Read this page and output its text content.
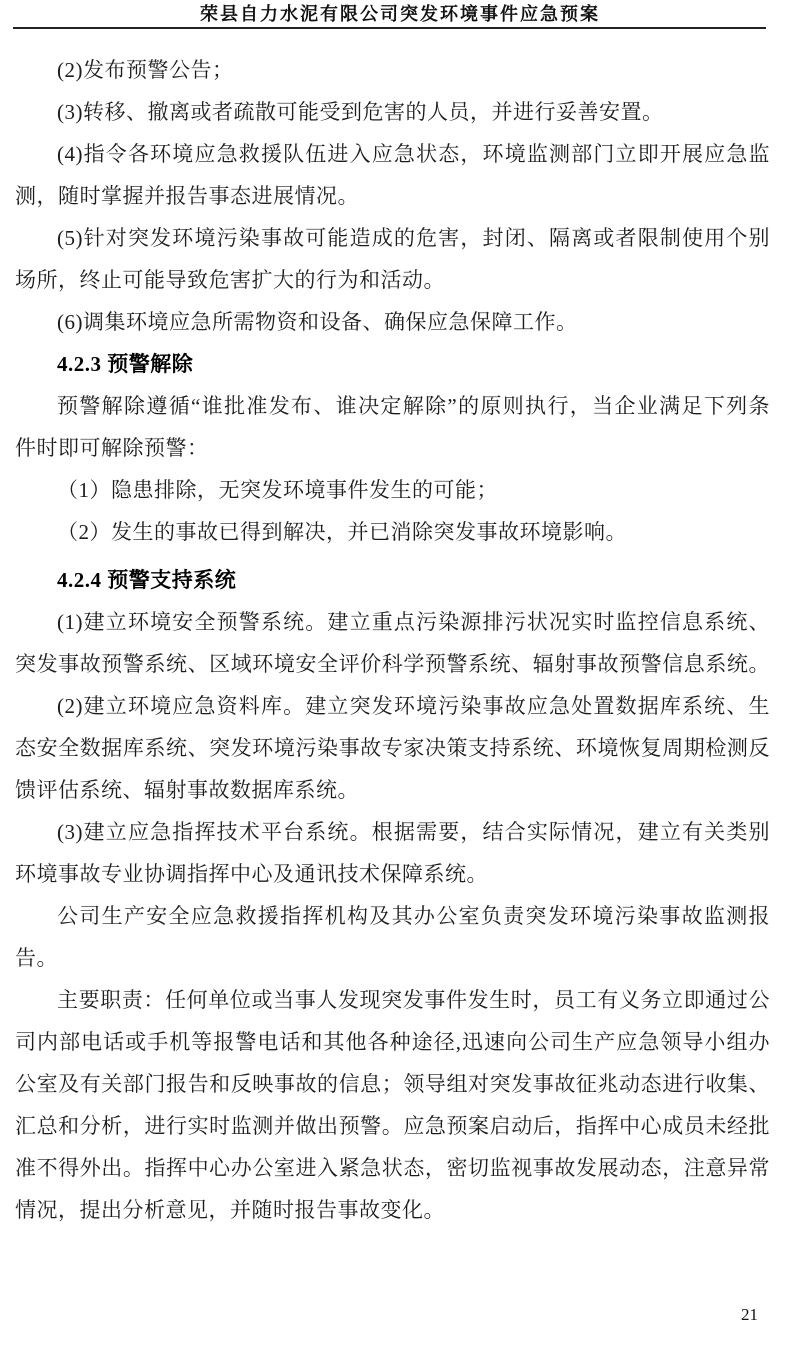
荣县自力水泥有限公司突发环境事件应急预案
(2)发布预警公告；
(3)转移、撤离或者疏散可能受到危害的人员，并进行妥善安置。
(4)指令各环境应急救援队伍进入应急状态，环境监测部门立即开展应急监
测，随时掌握并报告事态进展情况。
(5)针对突发环境污染事故可能造成的危害，封闭、隔离或者限制使用个别
场所，终止可能导致危害扩大的行为和活动。
(6)调集环境应急所需物资和设备、确保应急保障工作。
4.2.3 预警解除
预警解除遵循“谁批准发布、谁决定解除”的原则执行，当企业满足下列条
件时即可解除预警：
（1）隐患排除，无突发环境事件发生的可能；
（2）发生的事故已得到解决，并已消除突发事故环境影响。
4.2.4 预警支持系统
(1)建立环境安全预警系统。建立重点污染源排污状况实时监控信息系统、
突发事故预警系统、区域环境安全评价科学预警系统、辐射事故预警信息系统。
(2)建立环境应急资料库。建立突发环境污染事故应急处置数据库系统、生
态安全数据库系统、突发环境污染事故专家决策支持系统、环境恢复周期检测反
馈评估系统、辐射事故数据库系统。
(3)建立应急指挥技术平台系统。根据需要，结合实际情况，建立有关类别
环境事故专业协调指挥中心及通讯技术保障系统。
公司生产安全应急救援指挥机构及其办公室负责突发环境污染事故监测报
告。
主要职责：任何单位或当事人发现突发事件发生时，员工有义务立即通过公
司内部电话或手机等报警电话和其他各种途径,迅速向公司生产应急领导小组办
公室及有关部门报告和反映事故的信息；领导组对突发事故征兆动态进行收集、
汇总和分析，进行实时监测并做出预警。应急预案启动后，指挥中心成员未经批
准不得外出。指挥中心办公室进入紧急状态，密切监视事故发展动态，注意异常
情况，提出分析意见，并随时报告事故变化。
21
